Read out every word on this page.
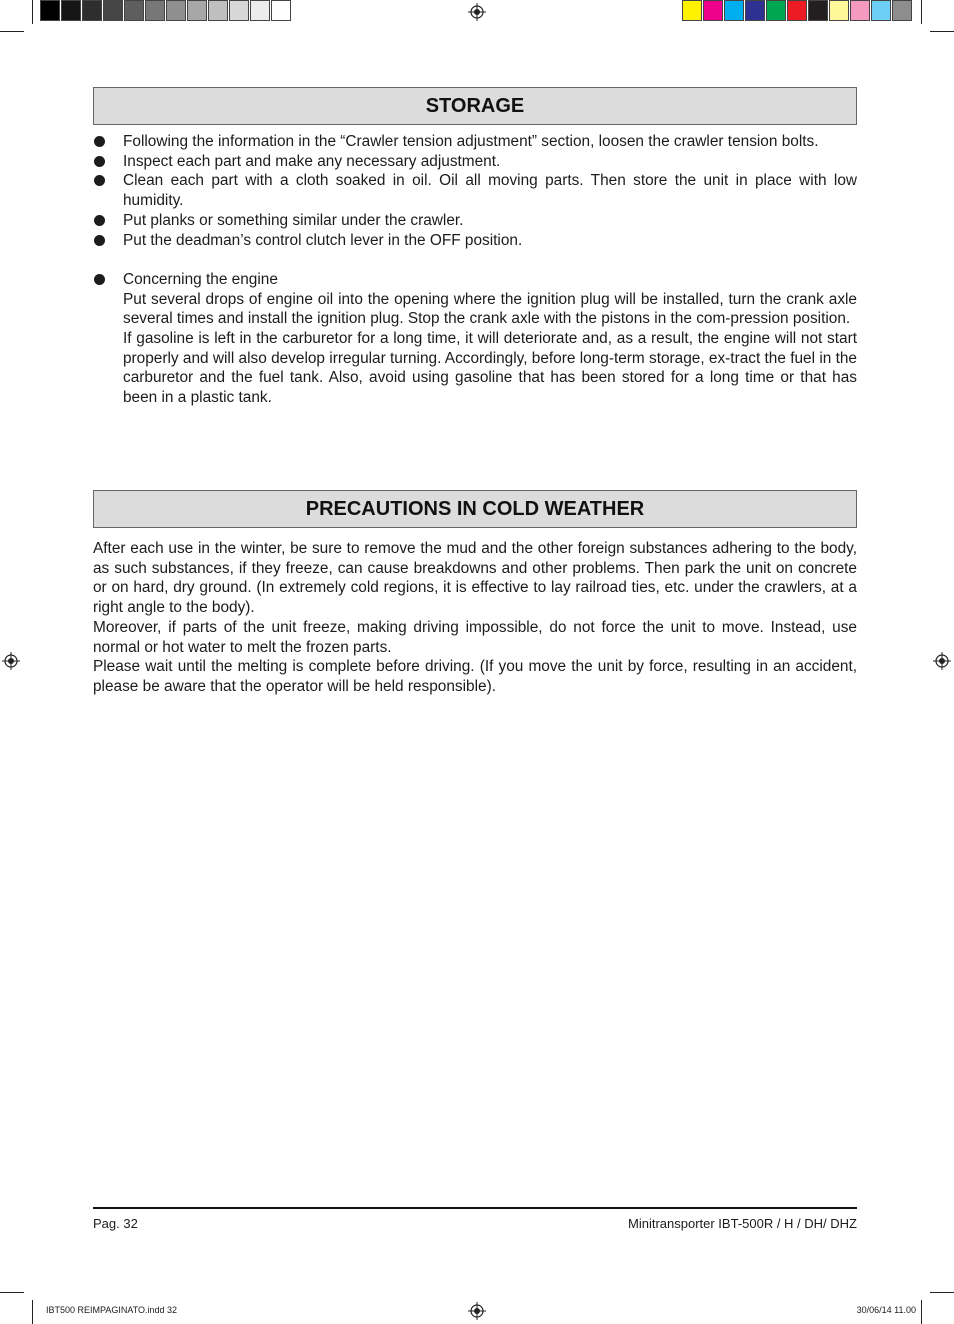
STORAGE
Following the information in the “Crawler tension adjustment” section, loosen the crawler tension bolts.
Inspect each part and make any necessary adjustment.
Clean each part with a cloth soaked in oil. Oil all moving parts. Then store the unit in place with low humidity.
Put planks or something similar under the crawler.
Put the deadman’s control clutch lever in the OFF position.
Concerning the engine
Put several drops of engine oil into the opening where the ignition plug will be installed, turn the crank axle several times and install the ignition plug. Stop the crank axle with the pistons in the com-pression position.
If gasoline is left in the carburetor for a long time, it will deteriorate and, as a result, the engine will not start properly and will also develop irregular turning. Accordingly, before long-term storage, ex-tract the fuel in the carburetor and the fuel tank. Also, avoid using gasoline that has been stored for a long time or that has been in a plastic tank.
PRECAUTIONS IN COLD WEATHER
After each use in the winter, be sure to remove the mud and the other foreign substances adhering to the body, as such substances, if they freeze, can cause breakdowns and other problems. Then park the unit on concrete or on hard, dry ground. (In extremely cold regions, it is effective to lay railroad ties, etc. under the crawlers, at a right angle to the body).
Moreover, if parts of the unit freeze, making driving impossible, do not force the unit to move. Instead, use normal or hot water to melt the frozen parts.
Please wait until the melting is complete before driving. (If you move the unit by force, resulting in an accident, please be aware that the operator will be held responsible).
Pag. 32	Minitransporter IBT-500R / H / DH/ DHZ
IBT500 REIMPAGINATO.indd 32	30/06/14 11.00
